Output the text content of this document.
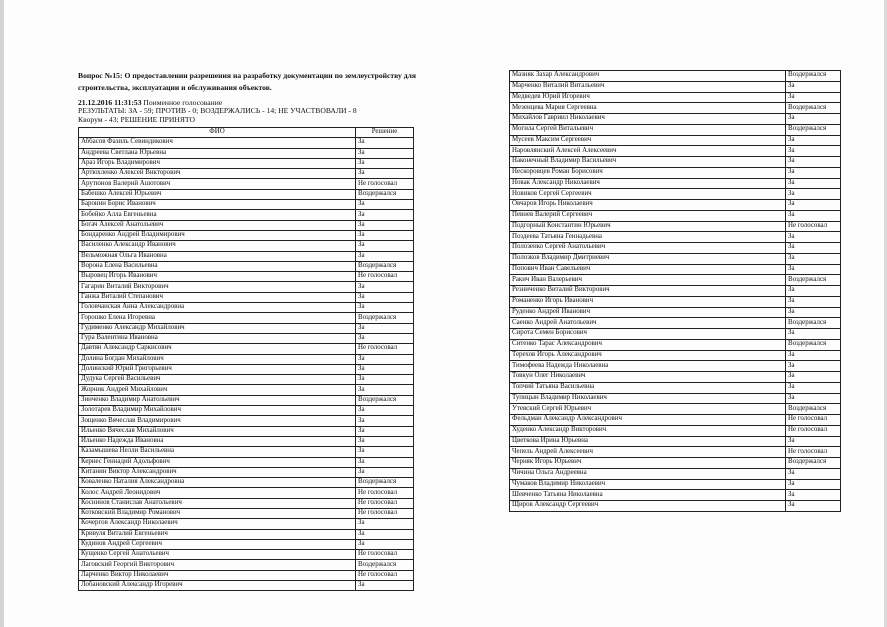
Вопрос №15: О предоставлении разрешения на разработку документации по землеустройству для строительства, эксплуатации и обслуживания объектов.
21.12.2016 11:31:53 Поименное голосование
РЕЗУЛЬТАТЫ: ЗА - 59; ПРОТИВ - 0; ВОЗДЕРЖАЛИСЬ - 14; НЕ УЧАСТВОВАЛИ - 8
Кворум - 43; РЕШЕНИЕ ПРИНЯТО
ФИО	Решение
Аббасов Фазиль Севиндикович	За
Андреева Светлана Юрьевна	За
Араз Игорь Владимирович	За
Артюхленко Алексей Викторович	За
Арутюнов Валерий Ашотович	Не голосовал
Бабешко Алексей Юрьевич	Воздержался
Баронин Борис Иванович	За
Бобейко Алла Евгеньевна	За
Богач Алексей Анатольевич	За
Бондаренко Андрей Владимирович	За
Василенко Александр Иванович	За
Вельможная Ольга Ивановна	За
Ворона Елена Васильевна	Воздержался
Выровец Игорь Иванович	Не голосовал
Гагарин Виталий Викторович	За
Ганжа Виталий Степанович	За
Головчанская Анна Александровна	За
Горошко Елена Игоревна	Воздержался
Гудименко Александр Михайлович	За
Гура Валентина Ивановна	За
Давтян Александр Саркисович	Не голосовал
Долина Богдан Михайлович	За
Долинский Юрий Григорьевич	За
Дудука Сергей Васильевич	За
Жорник Андрей Михайлович	За
Зинченко Владимир Анатольевич	Воздержался
Золотарев Владимир Михайлович	За
Зощенко Вячеслав Владимирович	За
Ильенко Вячеслав Михайлович	За
Ильенко Надежда Ивановна	За
Казамышева Нелли Васильевна	За
Кернес Геннадий Адольфович	За
Китанин Виктор Александрович	За
Коваленко Наталия Александровна	Воздержался
Колос Андрей Леонидович	Не голосовал
Коснинов Станислав Анатольевич	Не голосовал
Котковский Владимир Романович	Не голосовал
Кочергов Александр Николаевич	За
Кривуля Виталий Евгеньевич	За
Кудинов Андрей Сергеевич	За
Кущенко Сергей Анатольевич	Не голосовал
Лаговский Георгий Викторович	Воздержался
Ларченко Виктор Николаевич	Не голосовал
Лобановский Александр Игоревич	За
Мазняк Захар Александрович	Воздержался
Марченко Виталий Витальевич	За
Медведев Юрий Игоревич	За
Мезенцева Мария Сергеевна	Воздержался
Михайлов Гавриил Николаевич	За
Могила Сергей Витальевич	Воздержался
Мусеев Максим Сергеевич	За
Наровлянский Алексей Алексеевич	За
Наконечный Владимир Васильевич	За
Нескоровцев Роман Борисович	За
Новак Александр Николаевич	За
Новиков Сергей Сергеевич	За
Овчаров Игорь Николаевич	За
Певнев Валерий Сергеевич	За
Подгорный Константин Юрьевич	Не голосовал
Поздеева Татьяна Геннадьевна	За
Полозенко Сергей Анатольевич	За
Полозков Владимир Дмитриевич	За
Попович Иван Савельевич	За
Ракич Иван Валерьевич	Воздержался
Резниченко Виталий Викторович	За
Романенко Игорь Иванович	За
Руденко Андрей Иванович	За
Саенко Андрей Анатольевич	Воздержался
Сирота Семен Борисович	За
Ситенко Тарас Александрович	Воздержался
Терехов Игорь Александрович	За
Тимофеева Надежда Николаевна	За
Товкун Олег Николаевич	За
Топчий Татьяна Васильевна	За
Тупицын Владимир Николаевич	За
Утевский Сергей Юрьевич	Воздержался
Фельдман Александр Александрович	Не голосовал
Худенко Александр Викторович	Не голосовал
Цветкова Ирина Юрьевна	За
Чепель Андрей Алексеевич	Не голосовал
Черняк Игорь Юрьевич	Воздержался
Чичина Ольга Андреевна	За
Чумаков Владимир Николаевич	За
Шевченко Татьяна Николаевна	За
Щиров Александр Сергеевич	За
